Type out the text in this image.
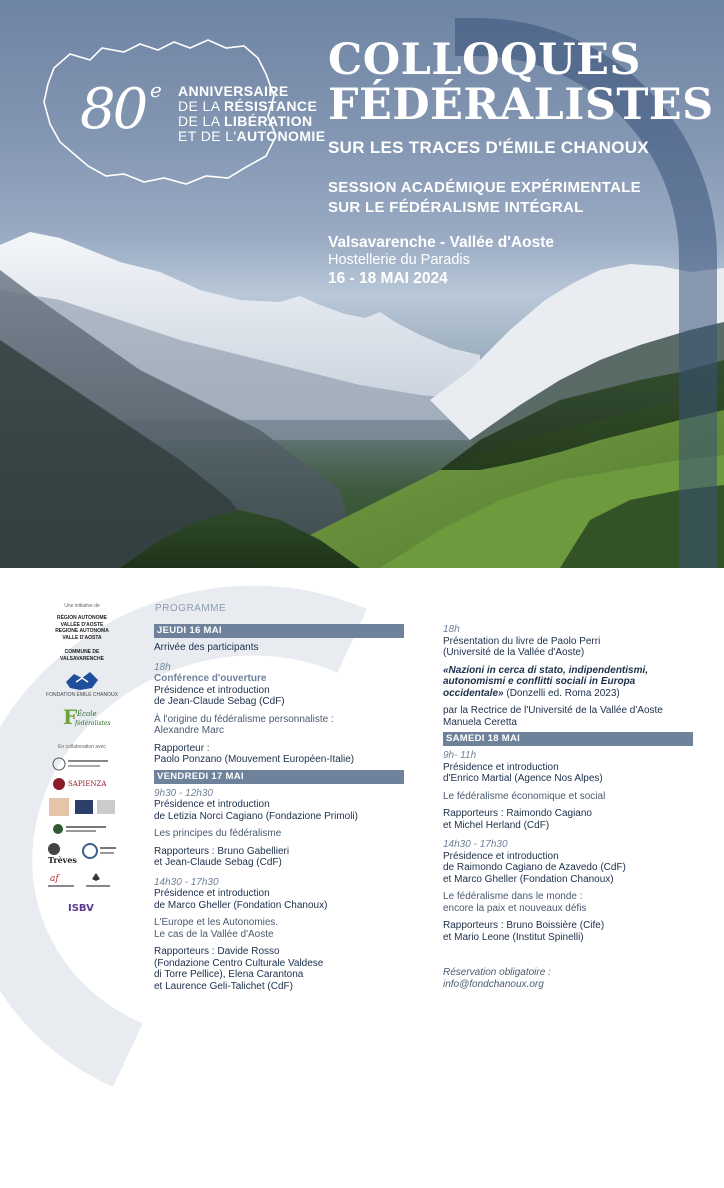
80 e ANNIVERSAIRE
DE LA RÉSISTANCE
DE LA LIBÉRATION
ET DE L'AUTONOMIE
COLLOQUES
FÉDÉRALISTES
SUR LES TRACES D'ÉMILE CHANOUX
SESSION ACADÉMIQUE EXPÉRIMENTALE
SUR LE FÉDÉRALISME INTÉGRAL
Valsavarenche - Vallée d'Aoste
Hostellerie du Paradis
16 - 18 MAI 2024
Une initiative de
RÉGION AUTONOME
VALLÉE D'AOSTE
REGIONE AUTONOMA
VALLE D'AOSTA
COMMUNE DE
VALSAVARENCHE
FONDATION ÉMILE CHANOUX
F École
fédéralistes
En collaboration avec
SAPIENZA
Trèves
af
ISBV
PROGRAMME
JEUDI 16 MAI
Arrivée des participants
18h
Conférence d'ouverture
Présidence et introduction
de Jean-Claude Sebag (CdF)
À l'origine du fédéralisme personnaliste :
Alexandre Marc
Rapporteur :
Paolo Ponzano (Mouvement Européen-Italie)
VENDREDI 17 MAI
9h30 - 12h30
Présidence et introduction
de Letizia Norci Cagiano (Fondazione Primoli)
Les principes du fédéralisme
Rapporteurs : Bruno Gabellieri
et Jean-Claude Sebag (CdF)
14h30 - 17h30
Présidence et introduction
de Marco Gheller (Fondation Chanoux)
L'Europe et les Autonomies.
Le cas de la Vallée d'Aoste
Rapporteurs : Davide Rosso
(Fondazione Centro Culturale Valdese
di Torre Pellice), Elena Carantona
et Laurence Geli-Talichet (CdF)
18h
Présentation du livre de Paolo Perri
(Université de la Vallée d'Aoste)
«Nazioni in cerca di stato, indipendentismi,
autonomismi e conflitti sociali in Europa
occidentale» (Donzelli ed. Roma 2023)
par la Rectrice de l'Université de la Vallée d'Aoste
Manuela Ceretta
SAMEDI 18 MAI
9h- 11h
Présidence et introduction
d'Enrico Martial (Agence Nos Alpes)
Le fédéralisme économique et social
Rapporteurs : Raimondo Cagiano
et Michel Herland (CdF)
14h30 - 17h30
Présidence et introduction
de Raimondo Cagiano de Azavedo (CdF)
et Marco Gheller (Fondation Chanoux)
Le fédéralisme dans le monde :
encore la paix et nouveaux défis
Rapporteurs : Bruno Boissière (Cife)
et Mario Leone (Institut Spinelli)
Réservation obligatoire :
info@fondchanoux.org
